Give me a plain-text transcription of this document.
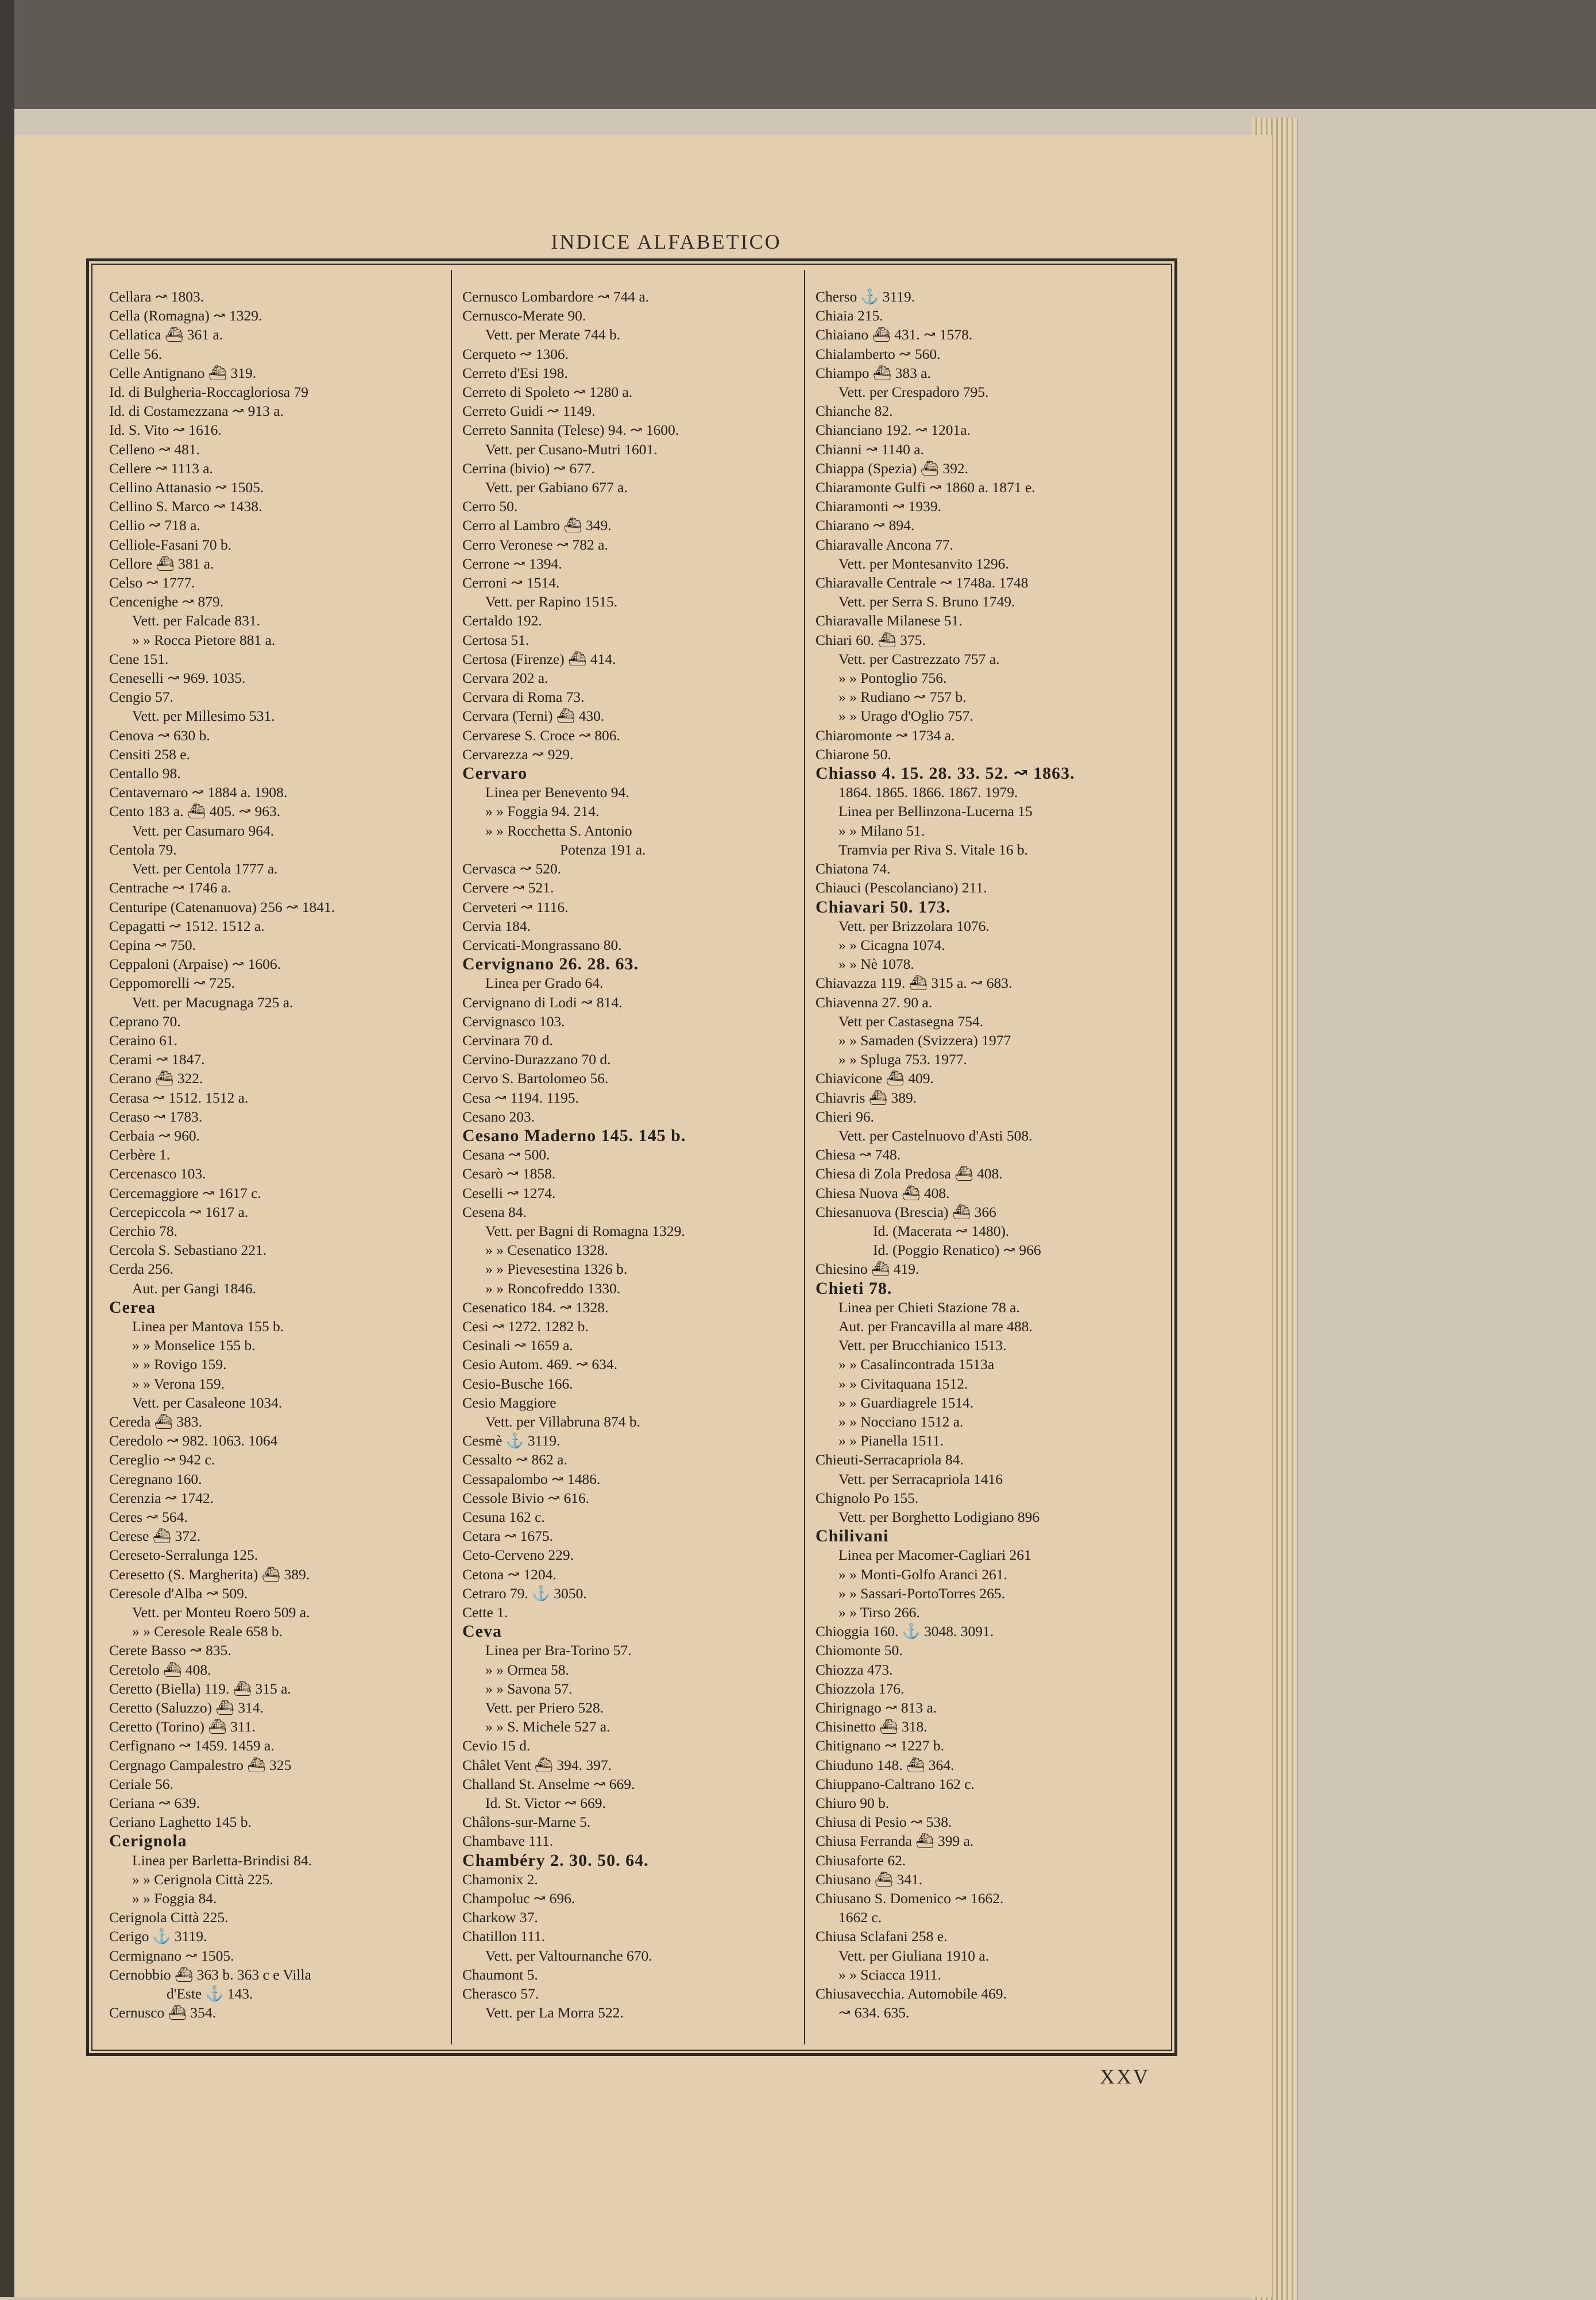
INDICE ALFABETICO
Cellara ↝ 1803.
Cella (Romagna) ↝ 1329.
Cellatica ⛴ 361 a.
Celle 56.
Celle Antignano ⛴ 319.
Id. di Bulgheria-Roccagloriosa 79
Id. di Costamezzana ↝ 913 a.
Id. S. Vito ↝ 1616.
Celleno ↝ 481.
Cellere ↝ 1113 a.
Cellino Attanasio ↝ 1505.
Cellino S. Marco ↝ 1438.
Cellio ↝ 718 a.
Celliole-Fasani 70 b.
Cellore ⛴ 381 a.
Celso ↝ 1777.
Cencenighe ↝ 879.
Vett. per Falcade 831.
» » Rocca Pietore 881 a.
Cene 151.
Ceneselli ↝ 969. 1035.
Cengio 57.
Vett. per Millesimo 531.
Cenova ↝ 630 b.
Censiti 258 e.
Centallo 98.
Centavernaro ↝ 1884 a. 1908.
Cento 183 a. ⛴ 405. ↝ 963.
Vett. per Casumaro 964.
Centola 79.
Vett. per Centola 1777 a.
Centrache ↝ 1746 a.
Centuripe (Catenanuova) 256 ↝ 1841.
Cepagatti ↝ 1512. 1512 a.
Cepina ↝ 750.
Ceppaloni (Arpaise) ↝ 1606.
Ceppomorelli ↝ 725.
Vett. per Macugnaga 725 a.
Ceprano 70.
Ceraino 61.
Cerami ↝ 1847.
Cerano ⛴ 322.
Cerasa ↝ 1512. 1512 a.
Ceraso ↝ 1783.
Cerbaia ↝ 960.
Cerbère 1.
Cercenasco 103.
Cercemaggiore ↝ 1617 c.
Cercepiccola ↝ 1617 a.
Cerchio 78.
Cercola S. Sebastiano 221.
Cerda 256.
Aut. per Gangi 1846.
Cerea
Linea per Mantova 155 b.
» » Monselice 155 b.
» » Rovigo 159.
» » Verona 159.
Vett. per Casaleone 1034.
Cereda ⛴ 383.
Ceredolo ↝ 982. 1063. 1064
Cereglio ↝ 942 c.
Ceregnano 160.
Cerenzia ↝ 1742.
Ceres ↝ 564.
Cerese ⛴ 372.
Cereseto-Serralunga 125.
Ceresetto (S. Margherita) ⛴ 389.
Ceresole d'Alba ↝ 509.
Vett. per Monteu Roero 509 a.
» » Ceresole Reale 658 b.
Cerete Basso ↝ 835.
Ceretolo ⛴ 408.
Ceretto (Biella) 119. ⛴ 315 a.
Ceretto (Saluzzo) ⛴ 314.
Ceretto (Torino) ⛴ 311.
Cerfignano ↝ 1459. 1459 a.
Cergnago Campalestro ⛴ 325
Ceriale 56.
Ceriana ↝ 639.
Ceriano Laghetto 145 b.
Cerignola
Linea per Barletta-Brindisi 84.
» » Cerignola Città 225.
» » Foggia 84.
Cerignola Città 225.
Cerigo ⚓ 3119.
Cermignano ↝ 1505.
Cernobbio ⛴ 363 b. 363 c e Villa
d'Este ⚓ 143.
Cernusco ⛴ 354.
Cernusco Lombardore ↝ 744 a.
Cernusco-Merate 90.
Vett. per Merate 744 b.
Cerqueto ↝ 1306.
Cerreto d'Esi 198.
Cerreto di Spoleto ↝ 1280 a.
Cerreto Guidi ↝ 1149.
Cerreto Sannita (Telese) 94. ↝ 1600.
Vett. per Cusano-Mutri 1601.
Cerrina (bivio) ↝ 677.
Vett. per Gabiano 677 a.
Cerro 50.
Cerro al Lambro ⛴ 349.
Cerro Veronese ↝ 782 a.
Cerrone ↝ 1394.
Cerroni ↝ 1514.
Vett. per Rapino 1515.
Certaldo 192.
Certosa 51.
Certosa (Firenze) ⛴ 414.
Cervara 202 a.
Cervara di Roma 73.
Cervara (Terni) ⛴ 430.
Cervarese S. Croce ↝ 806.
Cervarezza ↝ 929.
Cervaro
Linea per Benevento 94.
» » Foggia 94. 214.
» » Rocchetta S. Antonio
Potenza 191 a.
Cervasca ↝ 520.
Cervere ↝ 521.
Cerveteri ↝ 1116.
Cervia 184.
Cervicati-Mongrassano 80.
Cervignano 26. 28. 63.
Linea per Grado 64.
Cervignano di Lodi ↝ 814.
Cervignasco 103.
Cervinara 70 d.
Cervino-Durazzano 70 d.
Cervo S. Bartolomeo 56.
Cesa ↝ 1194. 1195.
Cesano 203.
Cesano Maderno 145. 145 b.
Cesana ↝ 500.
Cesarò ↝ 1858.
Ceselli ↝ 1274.
Cesena 84.
Vett. per Bagni di Romagna 1329.
» » Cesenatico 1328.
» » Pievesestina 1326 b.
» » Roncofreddo 1330.
Cesenatico 184. ↝ 1328.
Cesi ↝ 1272. 1282 b.
Cesinali ↝ 1659 a.
Cesio Autom. 469. ↝ 634.
Cesio-Busche 166.
Cesio Maggiore
Vett. per Villabruna 874 b.
Cesmè ⚓ 3119.
Cessalto ↝ 862 a.
Cessapalombo ↝ 1486.
Cessole Bivio ↝ 616.
Cesuna 162 c.
Cetara ↝ 1675.
Ceto-Cerveno 229.
Cetona ↝ 1204.
Cetraro 79. ⚓ 3050.
Cette 1.
Ceva
Linea per Bra-Torino 57.
» » Ormea 58.
» » Savona 57.
Vett. per Priero 528.
» » S. Michele 527 a.
Cevio 15 d.
Châlet Vent ⛴ 394. 397.
Challand St. Anselme ↝ 669.
Id. St. Victor ↝ 669.
Châlons-sur-Marne 5.
Chambave 111.
Chambéry 2. 30. 50. 64.
Chamonix 2.
Champoluc ↝ 696.
Charkow 37.
Chatillon 111.
Vett. per Valtournanche 670.
Chaumont 5.
Cherasco 57.
Vett. per La Morra 522.
Cherso ⚓ 3119.
Chiaia 215.
Chiaiano ⛴ 431. ↝ 1578.
Chialamberto ↝ 560.
Chiampo ⛴ 383 a.
Vett. per Crespadoro 795.
Chianche 82.
Chianciano 192. ↝ 1201a.
Chianni ↝ 1140 a.
Chiappa (Spezia) ⛴ 392.
Chiaramonte Gulfi ↝ 1860 a. 1871 e.
Chiaramonti ↝ 1939.
Chiarano ↝ 894.
Chiaravalle Ancona 77.
Vett. per Montesanvito 1296.
Chiaravalle Centrale ↝ 1748a. 1748
Vett. per Serra S. Bruno 1749.
Chiaravalle Milanese 51.
Chiari 60. ⛴ 375.
Vett. per Castrezzato 757 a.
» » Pontoglio 756.
» » Rudiano ↝ 757 b.
» » Urago d'Oglio 757.
Chiaromonte ↝ 1734 a.
Chiarone 50.
Chiasso 4. 15. 28. 33. 52. ↝ 1863.
1864. 1865. 1866. 1867. 1979.
Linea per Bellinzona-Lucerna 15
» » Milano 51.
Tramvia per Riva S. Vitale 16 b.
Chiatona 74.
Chiauci (Pescolanciano) 211.
Chiavari 50. 173.
Vett. per Brizzolara 1076.
» » Cicagna 1074.
» » Nè 1078.
Chiavazza 119. ⛴ 315 a. ↝ 683.
Chiavenna 27. 90 a.
Vett per Castasegna 754.
» » Samaden (Svizzera) 1977
» » Spluga 753. 1977.
Chiavicone ⛴ 409.
Chiavris ⛴ 389.
Chieri 96.
Vett. per Castelnuovo d'Asti 508.
Chiesa ↝ 748.
Chiesa di Zola Predosa ⛴ 408.
Chiesa Nuova ⛴ 408.
Chiesanuova (Brescia) ⛴ 366
Id. (Macerata ↝ 1480).
Id. (Poggio Renatico) ↝ 966
Chiesino ⛴ 419.
Chieti 78.
Linea per Chieti Stazione 78 a.
Aut. per Francavilla al mare 488.
Vett. per Brucchianico 1513.
» » Casalincontrada 1513a
» » Civitaquana 1512.
» » Guardiagrele 1514.
» » Nocciano 1512 a.
» » Pianella 1511.
Chieuti-Serracapriola 84.
Vett. per Serracapriola 1416
Chignolo Po 155.
Vett. per Borghetto Lodigiano 896
Chilivani
Linea per Macomer-Cagliari 261
» » Monti-Golfo Aranci 261.
» » Sassari-PortoTorres 265.
» » Tirso 266.
Chioggia 160. ⚓ 3048. 3091.
Chiomonte 50.
Chiozza 473.
Chiozzola 176.
Chirignago ↝ 813 a.
Chisinetto ⛴ 318.
Chitignano ↝ 1227 b.
Chiuduno 148. ⛴ 364.
Chiuppano-Caltrano 162 c.
Chiuro 90 b.
Chiusa di Pesio ↝ 538.
Chiusa Ferranda ⛴ 399 a.
Chiusaforte 62.
Chiusano ⛴ 341.
Chiusano S. Domenico ↝ 1662.
1662 c.
Chiusa Sclafani 258 e.
Vett. per Giuliana 1910 a.
» » Sciacca 1911.
Chiusavecchia. Automobile 469.
↝ 634. 635.
XXV
